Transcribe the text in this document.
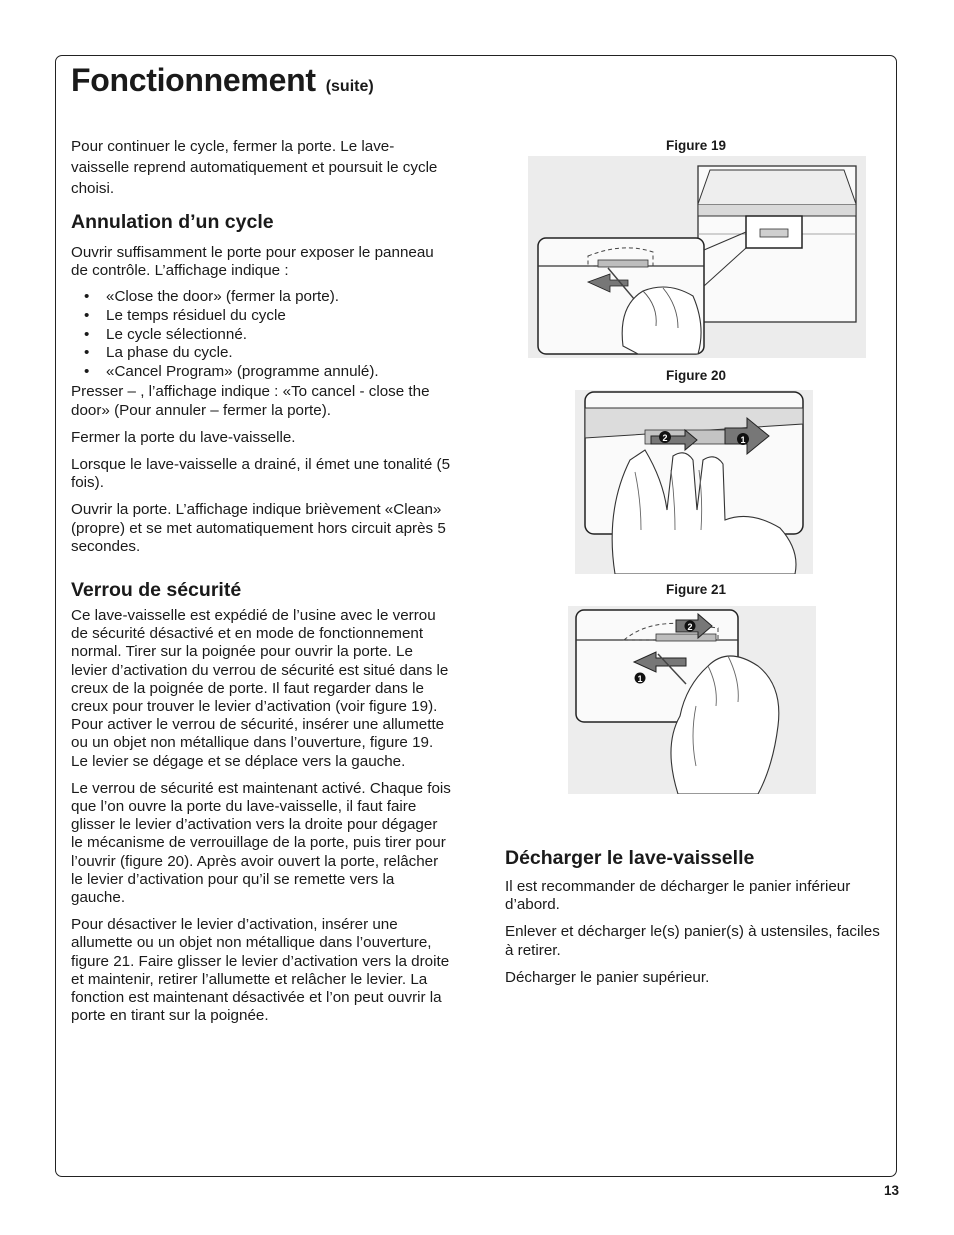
Fonctionnement (suite)

Pour continuer le cycle, fermer la porte. Le lave-vaisselle reprend automatiquement et poursuit le cycle choisi.

Annulation d’un cycle

Ouvrir suffisamment le porte pour exposer le panneau de contrôle. L’affichage indique :

• «Close the door» (fermer la porte).
• Le temps résiduel du cycle
• Le cycle sélectionné.
• La phase du cycle.
• «Cancel Program» (programme annulé).

Presser – , l’affichage indique : «To cancel - close the door» (Pour annuler – fermer la porte).

Fermer la porte du lave-vaisselle.

Lorsque le lave-vaisselle a drainé, il émet une tonalité (5 fois).

Ouvrir la porte. L’affichage indique brièvement «Clean» (propre) et se met automatiquement hors circuit après 5 secondes.

Verrou de sécurité

Ce lave-vaisselle est expédié de l’usine avec le verrou de sécurité désactivé et en mode de fonctionnement normal. Tirer sur la poignée pour ouvrir la porte. Le levier d’activation du verrou de sécurité est situé dans le creux de la poignée de porte. Il faut regarder dans le creux pour trouver le levier d’activation (voir figure 19). Pour activer le verrou de sécurité, insérer une allumette ou un objet non métallique dans l’ouverture, figure 19. Le levier se dégage et se déplace vers la gauche.

Le verrou de sécurité est maintenant activé. Chaque fois que l’on ouvre la porte du lave-vaisselle, il faut faire glisser le levier d’activation vers la droite pour dégager le mécanisme de verrouillage de la porte, puis tirer pour l’ouvrir (figure 20). Après avoir ouvert la porte, relâcher le levier d’activation pour qu’il se remette vers la gauche.

Pour désactiver le levier d’activation, insérer une allumette ou un objet non métallique dans l’ouverture, figure 21. Faire glisser le levier d’activation vers la droite et maintenir, retirer l’allumette et relâcher le levier. La fonction est maintenant désactivée et l’on peut ouvrir la porte en tirant sur la poignée.

Figure 19
Figure 20
1
2
Figure 21
2
1
Décharger le lave-vaisselle

Il est recommander de décharger le panier inférieur d’abord.

Enlever et décharger le(s) panier(s) à ustensiles, faciles à retirer.

Décharger le panier supérieur.

13
